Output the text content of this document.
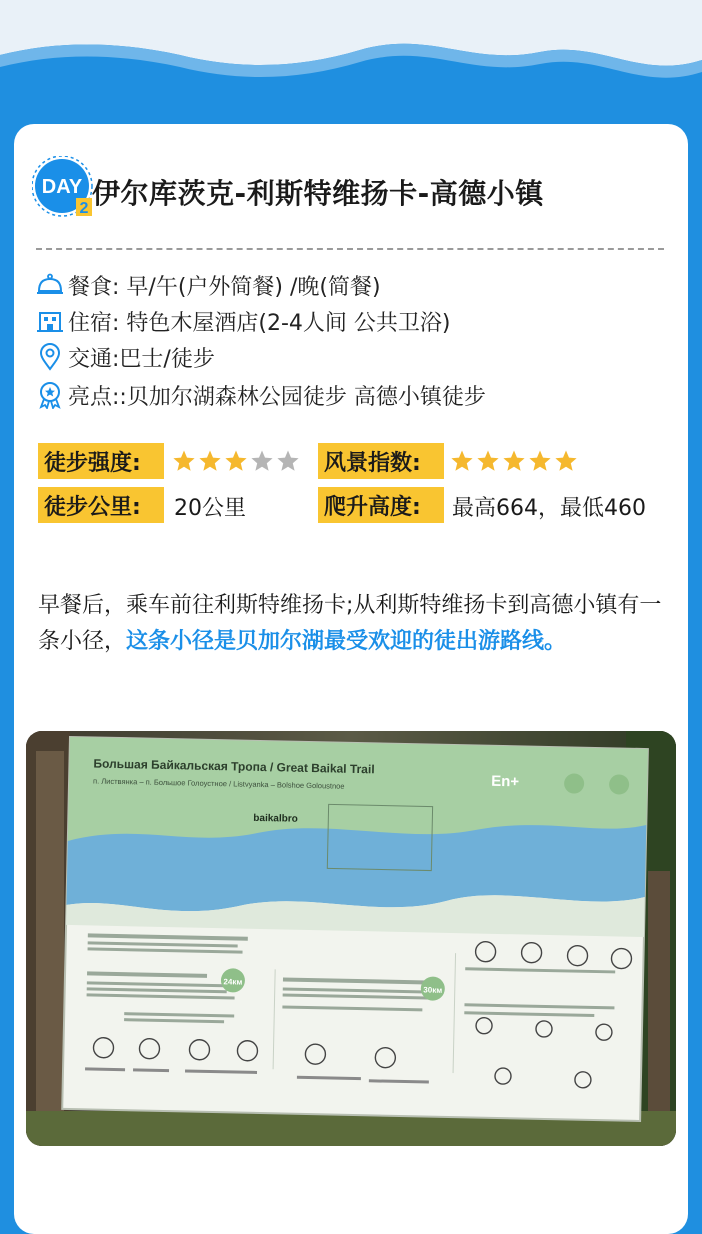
DAY
2 伊尔库茨克-利斯特维扬卡-高德小镇
餐食: 早/午(户外简餐) /晚(简餐)
住宿: 特色木屋酒店(2-4人间 公共卫浴)
交通:巴士/徒步
亮点::贝加尔湖森林公园徒步 高德小镇徒步
徒步强度:	风景指数:
徒步公里:	20公里	爬升高度:	最高664，最低460
早餐后，乘车前往利斯特维扬卡;从利斯特维扬卡到高德小镇有一条小径，这条小径是贝加尔湖最受欢迎的徒出游路线。
Большая Байкальская Тропа / Great Baikal Trail
п. Листвянка – п. Большое Голоустное / Listvyanka – Bolshoe Goloustnoe
baikalbro
En+
24км
30км
